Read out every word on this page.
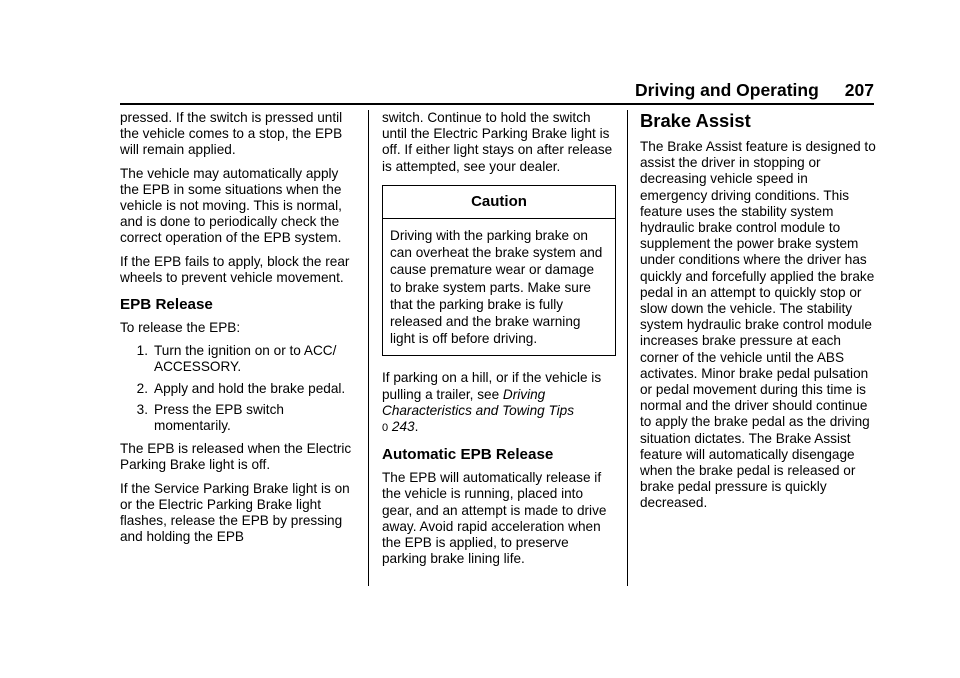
Driving and Operating 207

pressed. If the switch is pressed until the vehicle comes to a stop, the EPB will remain applied.

The vehicle may automatically apply the EPB in some situations when the vehicle is not moving. This is normal, and is done to periodically check the correct operation of the EPB system.

If the EPB fails to apply, block the rear wheels to prevent vehicle movement.

EPB Release

To release the EPB:

1. Turn the ignition on or to ACC/ ACCESSORY.
2. Apply and hold the brake pedal.
3. Press the EPB switch momentarily.

The EPB is released when the Electric Parking Brake light is off.

If the Service Parking Brake light is on or the Electric Parking Brake light flashes, release the EPB by pressing and holding the EPB

switch. Continue to hold the switch until the Electric Parking Brake light is off. If either light stays on after release is attempted, see your dealer.

Caution
Driving with the parking brake on can overheat the brake system and cause premature wear or damage to brake system parts. Make sure that the parking brake is fully released and the brake warning light is off before driving.

If parking on a hill, or if the vehicle is pulling a trailer, see Driving Characteristics and Towing Tips
0 243.

Automatic EPB Release

The EPB will automatically release if the vehicle is running, placed into gear, and an attempt is made to drive away. Avoid rapid acceleration when the EPB is applied, to preserve parking brake lining life.

Brake Assist

The Brake Assist feature is designed to assist the driver in stopping or decreasing vehicle speed in emergency driving conditions. This feature uses the stability system hydraulic brake control module to supplement the power brake system under conditions where the driver has quickly and forcefully applied the brake pedal in an attempt to quickly stop or slow down the vehicle. The stability system hydraulic brake control module increases brake pressure at each corner of the vehicle until the ABS activates. Minor brake pedal pulsation or pedal movement during this time is normal and the driver should continue to apply the brake pedal as the driving situation dictates. The Brake Assist feature will automatically disengage when the brake pedal is released or brake pedal pressure is quickly decreased.
